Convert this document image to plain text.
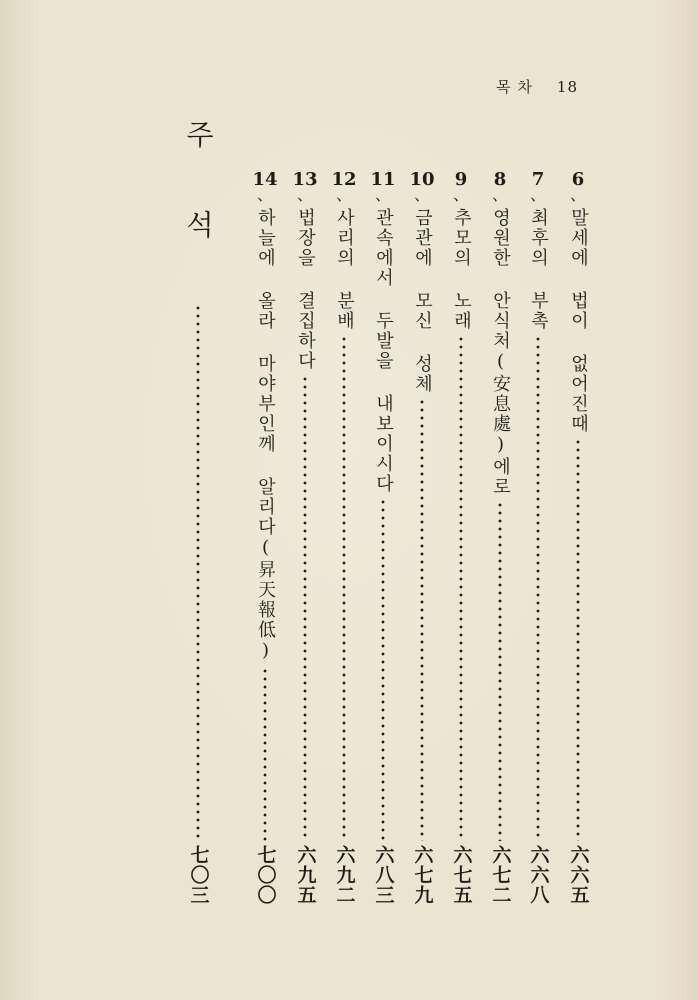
목 차 18
6
、
말세에 법이 없어진때
六六五
7
、
최후의 부촉
六六八
8
、
영원한 안식처(安息處)에로
六七二
9
、
추모의 노래
六七五
10
、
금관에 모신 성체
六七九
11
、
관속에서 두발을 내보이시다
六八三
12
、
사리의 분배
六九二
13
、
법장을 결집하다
六九五
14
、
하늘에 올라 마야부인께 알리다(昇天報低)
七〇〇
주석
七〇三
